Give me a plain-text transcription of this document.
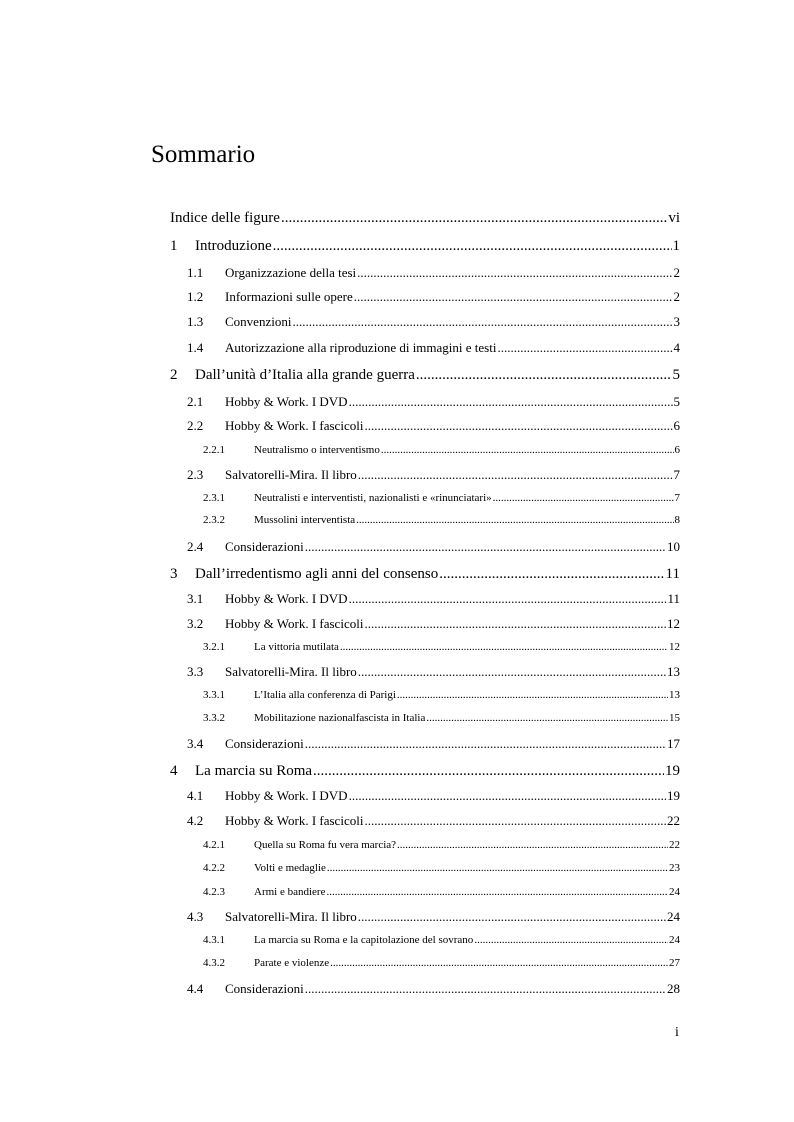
Sommario
Indice delle figure .....	vi
1	Introduzione .....	1
1.1	Organizzazione della tesi .....	2
1.2	Informazioni sulle opere .....	2
1.3	Convenzioni .....	3
1.4	Autorizzazione alla riproduzione di immagini e testi .....	4
2	Dall’unità d’Italia alla grande guerra .....	5
2.1	Hobby & Work. I DVD .....	5
2.2	Hobby & Work. I fascicoli .....	6
2.2.1	Neutralismo o interventismo .....	6
2.3	Salvatorelli-Mira. Il libro .....	7
2.3.1	Neutralisti e interventisti, nazionalisti e «rinunciatari» .....	7
2.3.2	Mussolini interventista .....	8
2.4	Considerazioni .....	10
3	Dall’irredentismo agli anni del consenso .....	11
3.1	Hobby & Work. I DVD .....	11
3.2	Hobby & Work. I fascicoli .....	12
3.2.1	La vittoria mutilata .....	12
3.3	Salvatorelli-Mira. Il libro .....	13
3.3.1	L’Italia alla conferenza di Parigi .....	13
3.3.2	Mobilitazione nazionalfascista in Italia .....	15
3.4	Considerazioni .....	17
4	La marcia su Roma .....	19
4.1	Hobby & Work. I DVD .....	19
4.2	Hobby & Work. I fascicoli .....	22
4.2.1	Quella su Roma fu vera marcia? .....	22
4.2.2	Volti e medaglie .....	23
4.2.3	Armi e bandiere .....	24
4.3	Salvatorelli-Mira. Il libro .....	24
4.3.1	La marcia su Roma e la capitolazione del sovrano .....	24
4.3.2	Parate e violenze .....	27
4.4	Considerazioni .....	28
i
